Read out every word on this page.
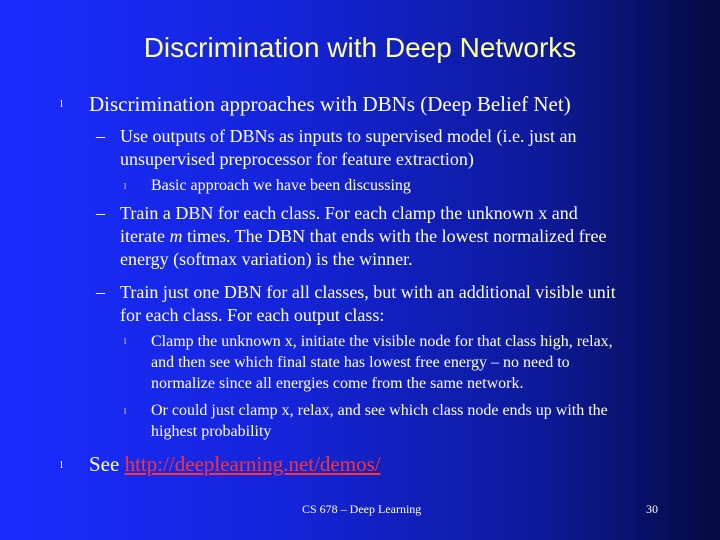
Discrimination with Deep Networks
l Discrimination approaches with DBNs (Deep Belief Net)
– Use outputs of DBNs as inputs to supervised model (i.e. just an
unsupervised preprocessor for feature extraction)
l Basic approach we have been discussing
– Train a DBN for each class. For each clamp the unknown x and
iterate m times. The DBN that ends with the lowest normalized free
energy (softmax variation) is the winner.
– Train just one DBN for all classes, but with an additional visible unit
for each class. For each output class:
l Clamp the unknown x, initiate the visible node for that class high, relax,
and then see which final state has lowest free energy – no need to
normalize since all energies come from the same network.
l Or could just clamp x, relax, and see which class node ends up with the
highest probability
l See http://deeplearning.net/demos/
CS 678 – Deep Learning	30
